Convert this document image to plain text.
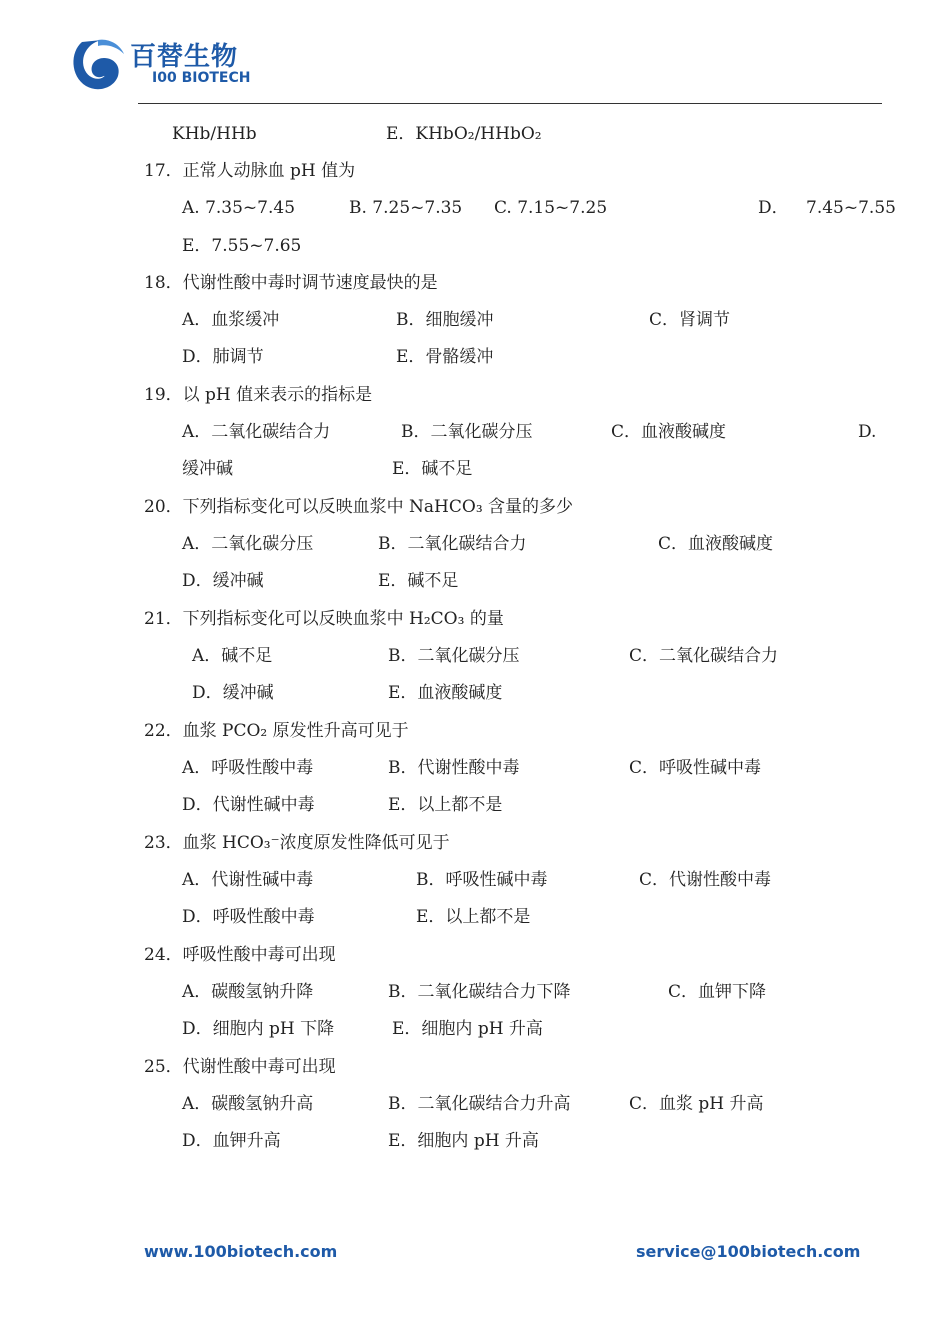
百替生物
I00 BIOTECH
KHb/HHb	E．KHbO₂/HHbO₂
17．正常人动脉血 pH 值为
A. 7.35~7.45	B. 7.25~7.35 C. 7.15~7.25	D． 7.45~7.55
E．7.55~7.65
18．代谢性酸中毒时调节速度最快的是
A．血浆缓冲	B．细胞缓冲	C．肾调节
D．肺调节	E．骨骼缓冲
19．以 pH 值来表示的指标是
A．二氧化碳结合力	B．二氧化碳分压	C．血液酸碱度	D.
缓冲碱	E．碱不足
20．下列指标变化可以反映血浆中 NaHCO₃ 含量的多少
A．二氧化碳分压	B．二氧化碳结合力	C．血液酸碱度
D．缓冲碱	E．碱不足
21．下列指标变化可以反映血浆中 H₂CO₃ 的量
A．碱不足	B．二氧化碳分压	C．二氧化碳结合力
D．缓冲碱	E．血液酸碱度
22．血浆 PCO₂ 原发性升高可见于
A．呼吸性酸中毒	B．代谢性酸中毒	C．呼吸性碱中毒
D．代谢性碱中毒	E．以上都不是
23．血浆 HCO₃⁻浓度原发性降低可见于
A．代谢性碱中毒	B．呼吸性碱中毒	C．代谢性酸中毒
D．呼吸性酸中毒	E．以上都不是
24．呼吸性酸中毒可出现
A．碳酸氢钠升降	B．二氧化碳结合力下降	C．血钾下降
D．细胞内 pH 下降	E．细胞内 pH 升高
25．代谢性酸中毒可出现
A．碳酸氢钠升高	B．二氧化碳结合力升高	C．血浆 pH 升高
D．血钾升高	E．细胞内 pH 升高
www.100biotech.com	service@100biotech.com
